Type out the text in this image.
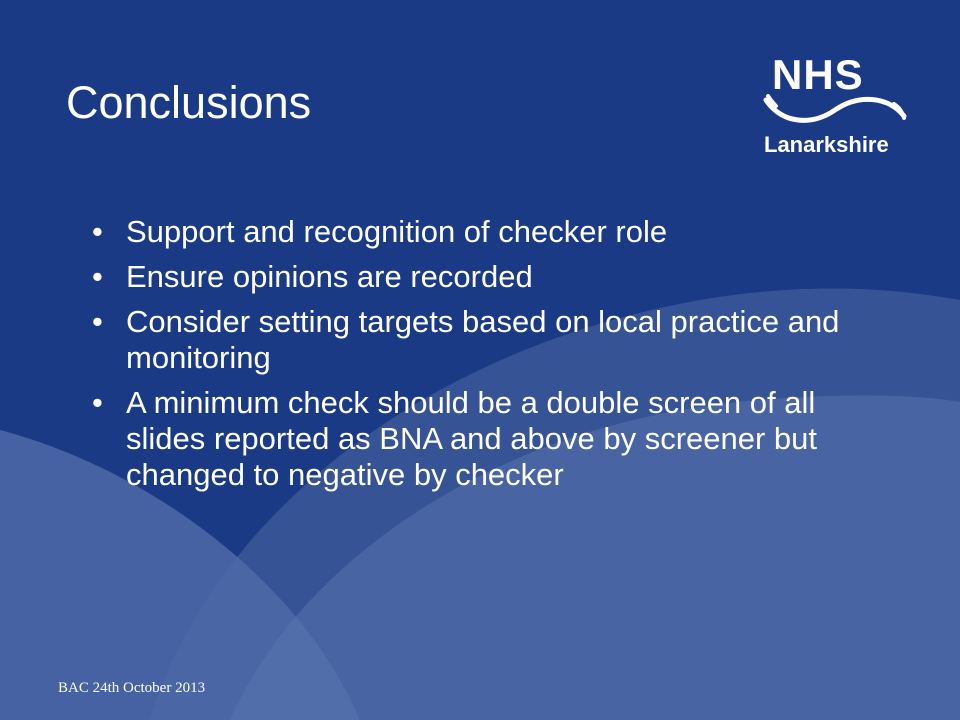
Conclusions
NHS
Lanarkshire
• Support and recognition of checker role
• Ensure opinions are recorded
• Consider setting targets based on local practice and monitoring
• A minimum check should be a double screen of all slides reported as BNA and above by screener but changed to negative by checker
BAC 24th October 2013
